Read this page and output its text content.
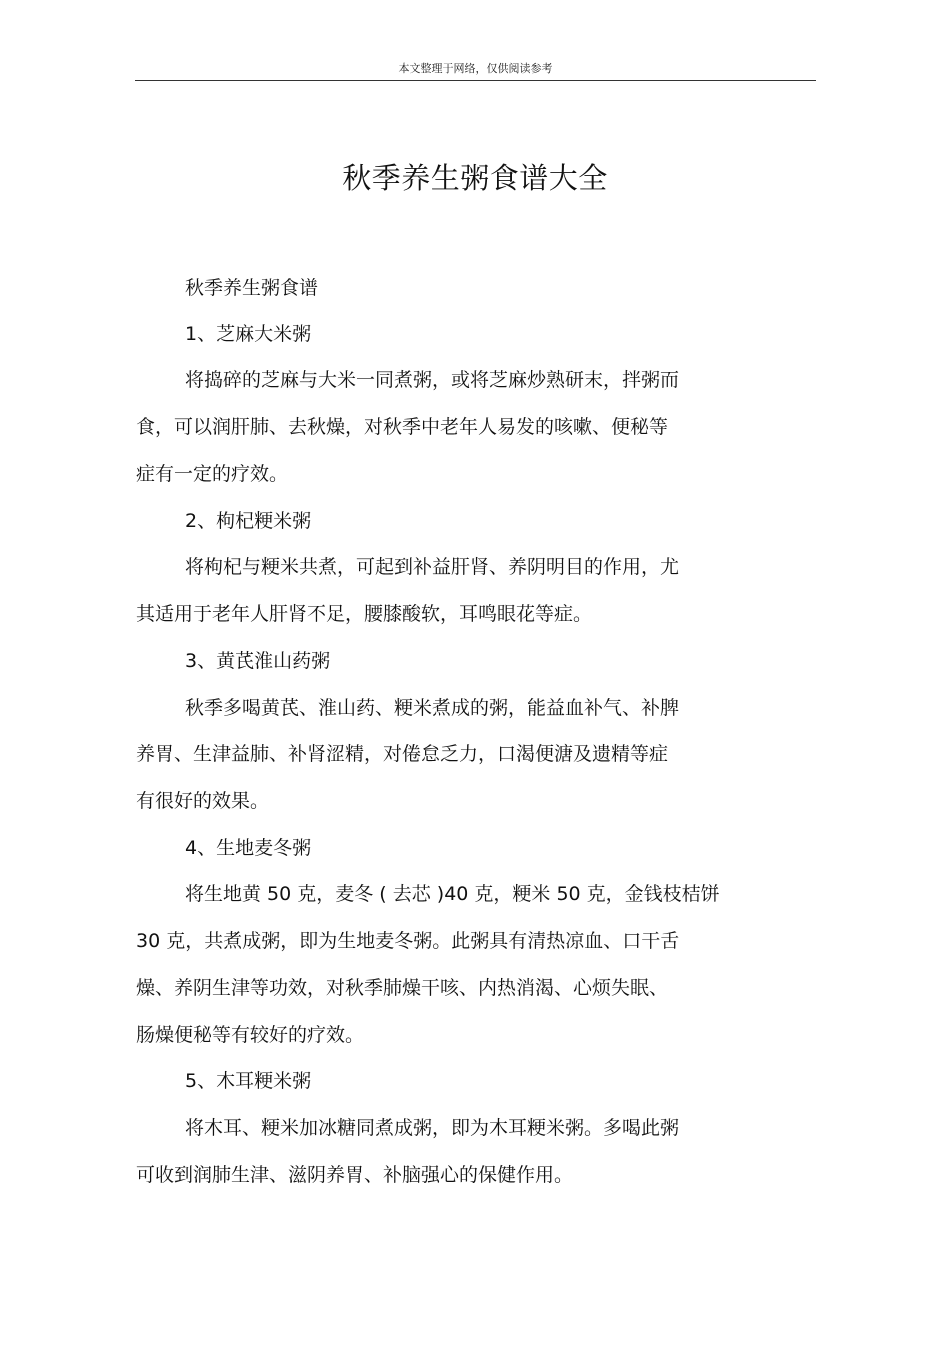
本文整理于网络，仅供阅读参考
秋季养生粥食谱大全
秋季养生粥食谱
1、芝麻大米粥
将捣碎的芝麻与大米一同煮粥，或将芝麻炒熟研末，拌粥而
食，可以润肝肺、去秋燥，对秋季中老年人易发的咳嗽、便秘等
症有一定的疗效。
2、枸杞粳米粥
将枸杞与粳米共煮，可起到补益肝肾、养阴明目的作用，尤
其适用于老年人肝肾不足，腰膝酸软，耳鸣眼花等症。
3、黄芪淮山药粥
秋季多喝黄芪、淮山药、粳米煮成的粥，能益血补气、补脾
养胃、生津益肺、补肾涩精，对倦怠乏力，口渴便溏及遗精等症
有很好的效果。
4、生地麦冬粥
将生地黄 50 克，麦冬 ( 去芯 )40 克，粳米 50 克，金钱枝桔饼
30 克，共煮成粥，即为生地麦冬粥。此粥具有清热凉血、口干舌
燥、养阴生津等功效，对秋季肺燥干咳、内热消渴、心烦失眠、
肠燥便秘等有较好的疗效。
5、木耳粳米粥
将木耳、粳米加冰糖同煮成粥，即为木耳粳米粥。多喝此粥
可收到润肺生津、滋阴养胃、补脑强心的保健作用。
